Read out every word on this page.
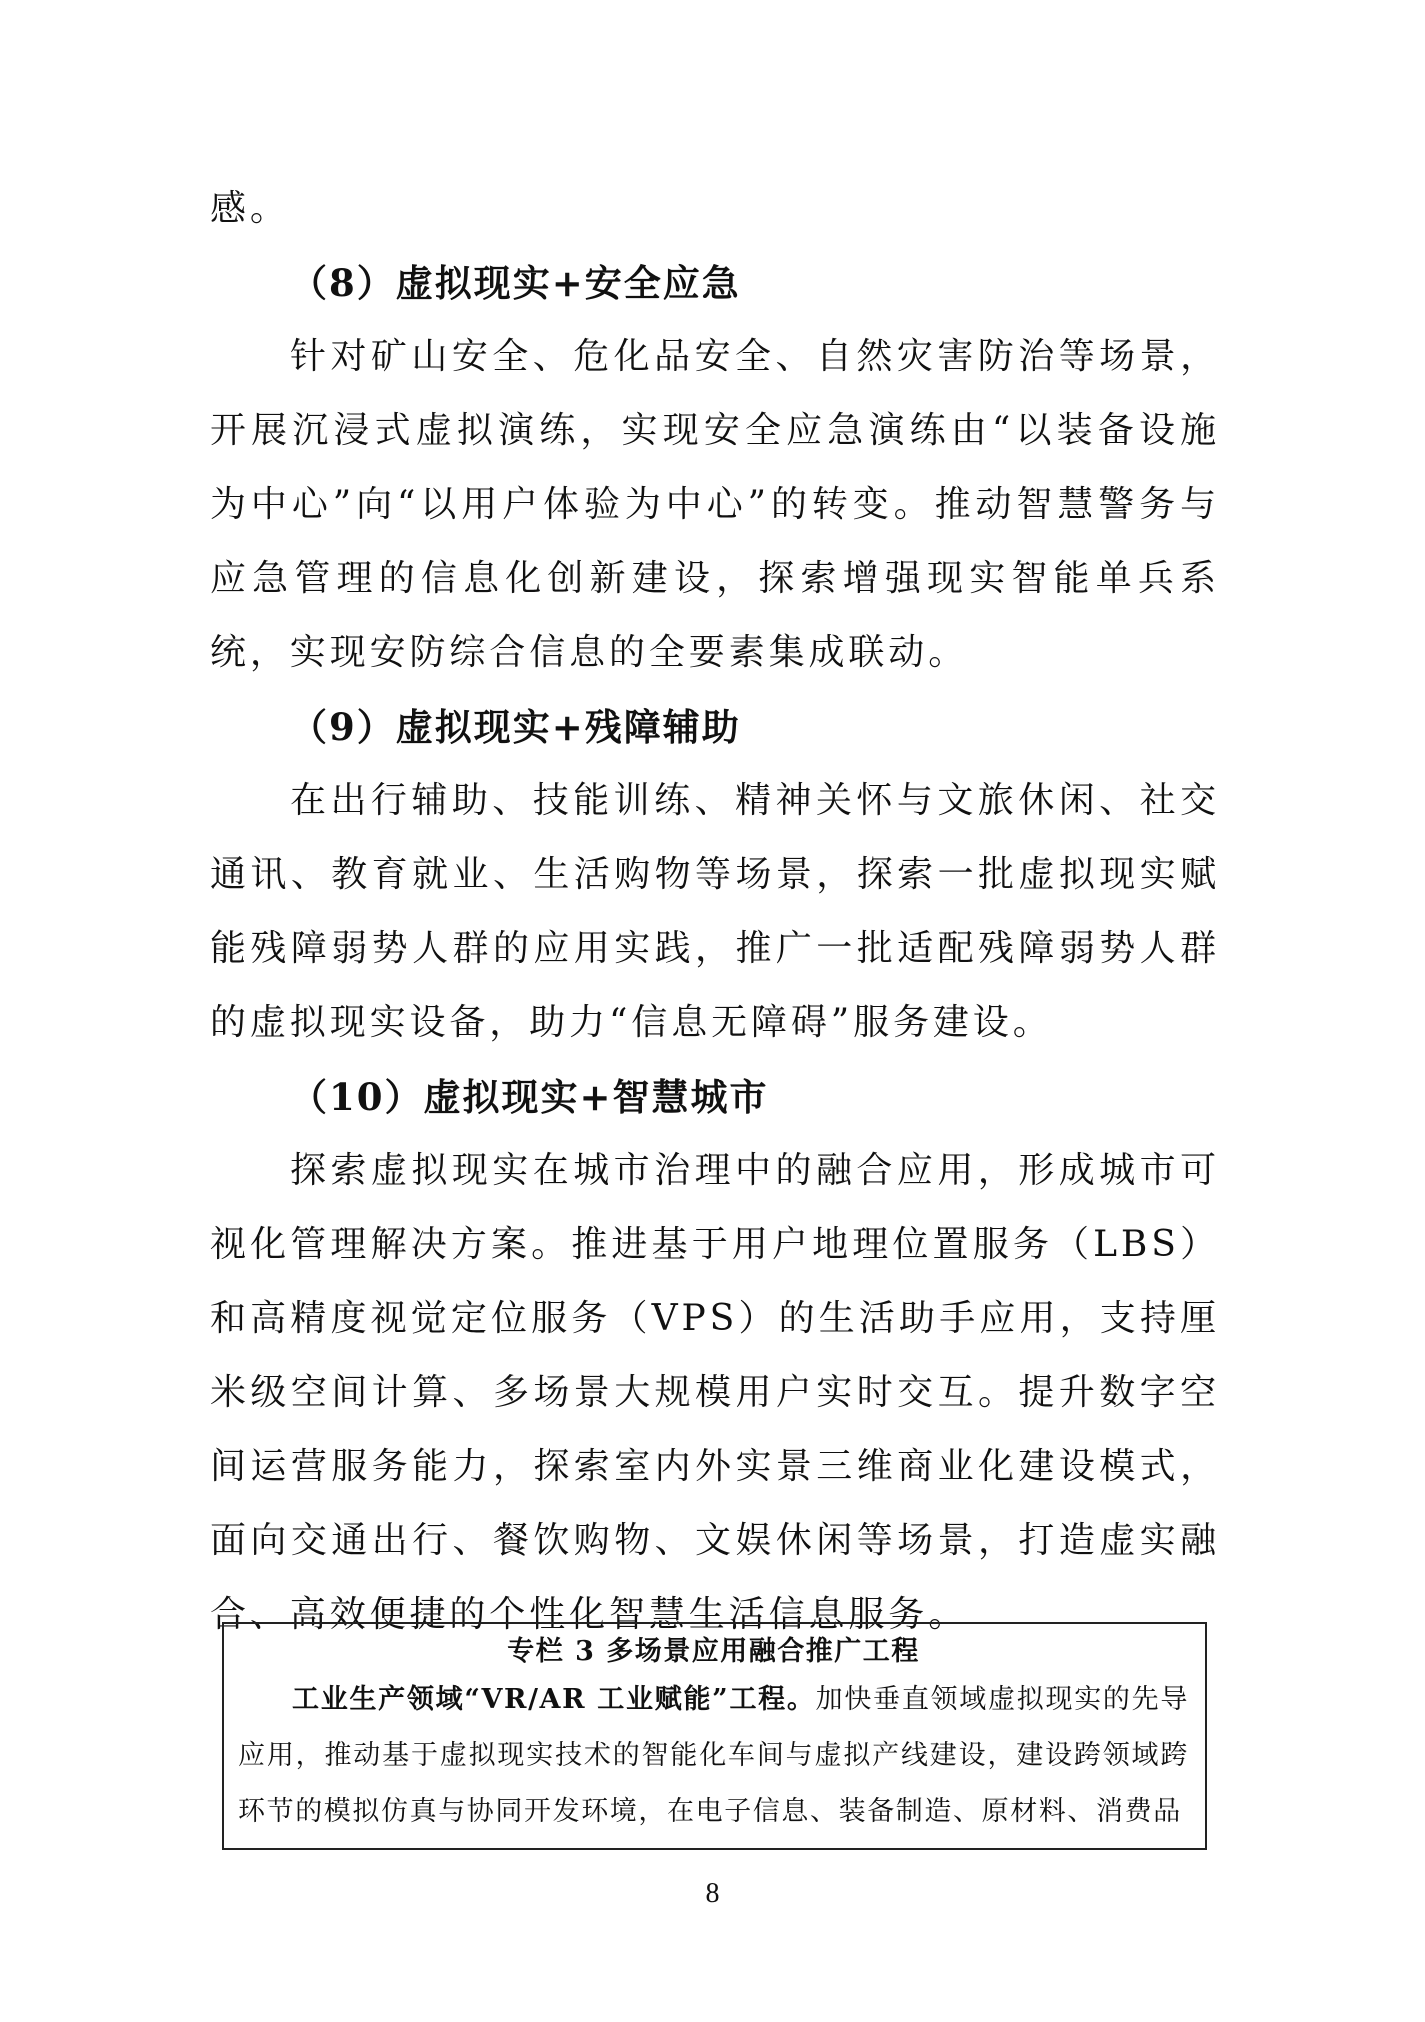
感。

（8）虚拟现实+安全应急

针对矿山安全、危化品安全、自然灾害防治等场景，开展沉浸式虚拟演练，实现安全应急演练由“以装备设施为中心”向“以用户体验为中心”的转变。推动智慧警务与应急管理的信息化创新建设，探索增强现实智能单兵系统，实现安防综合信息的全要素集成联动。

（9）虚拟现实+残障辅助

在出行辅助、技能训练、精神关怀与文旅休闲、社交通讯、教育就业、生活购物等场景，探索一批虚拟现实赋能残障弱势人群的应用实践，推广一批适配残障弱势人群的虚拟现实设备，助力“信息无障碍”服务建设。

（10）虚拟现实+智慧城市

探索虚拟现实在城市治理中的融合应用，形成城市可视化管理解决方案。推进基于用户地理位置服务（LBS）和高精度视觉定位服务（VPS）的生活助手应用，支持厘米级空间计算、多场景大规模用户实时交互。提升数字空间运营服务能力，探索室内外实景三维商业化建设模式，面向交通出行、餐饮购物、文娱休闲等场景，打造虚实融合、高效便捷的个性化智慧生活信息服务。

专栏 3 多场景应用融合推广工程

工业生产领域“VR/AR 工业赋能”工程。加快垂直领域虚拟现实的先导应用，推动基于虚拟现实技术的智能化车间与虚拟产线建设，建设跨领域跨环节的模拟仿真与协同开发环境，在电子信息、装备制造、原材料、消费品

8
